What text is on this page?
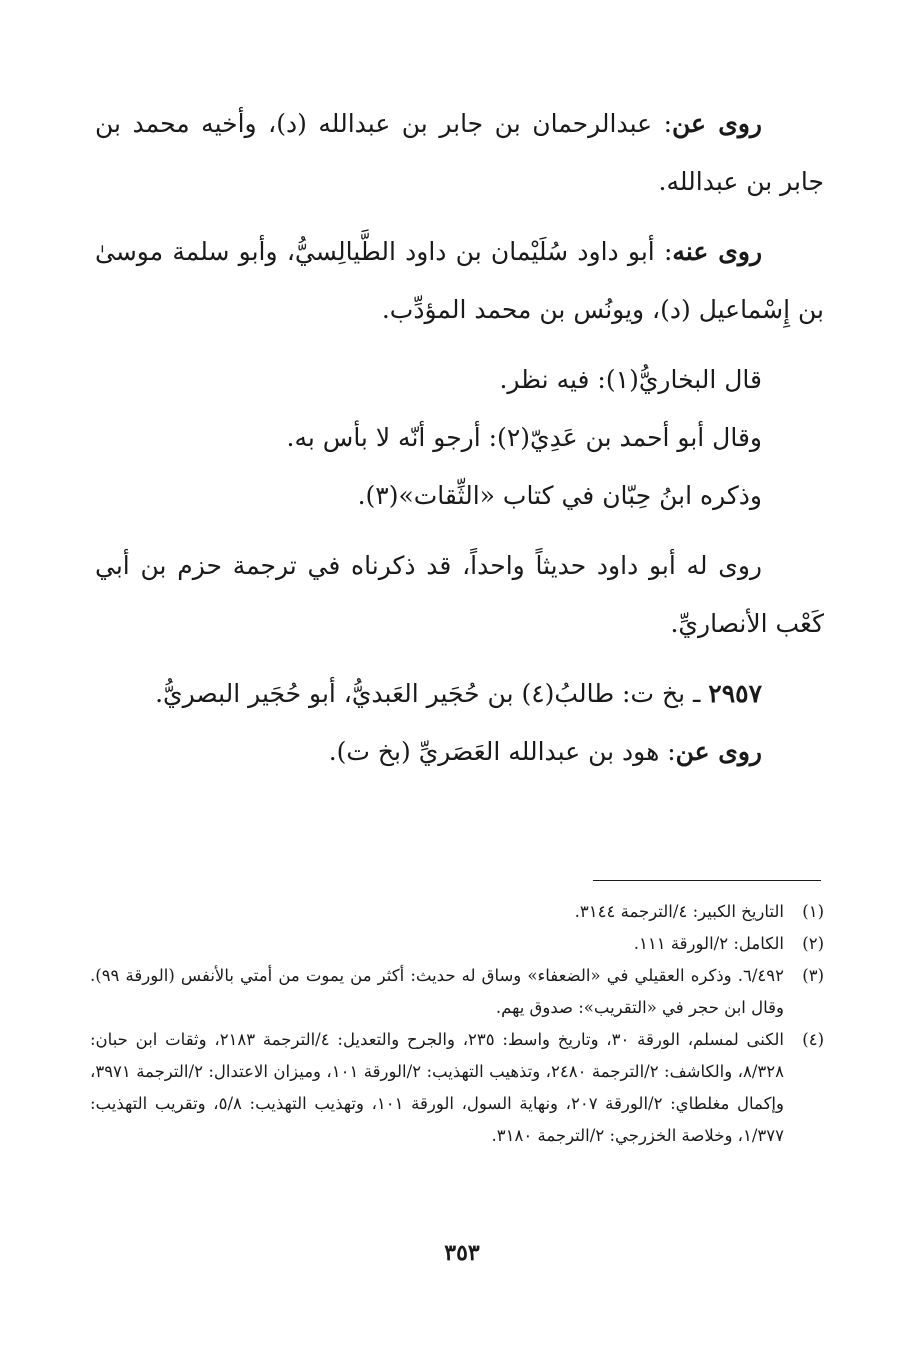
روى عن: عبدالرحمان بن جابر بن عبدالله (د)، وأخيه محمد بن جابر بن عبدالله.

روى عنه: أبو داود سُلَيْمان بن داود الطَّيالِسيُّ، وأبو سلمة موسىٰ بن إِسْماعيل (د)، ويونُس بن محمد المؤدِّب.

قال البخاريُّ(١): فيه نظر.

وقال أبو أحمد بن عَدِيّ(٢): أرجو أنّه لا بأس به.

وذكره ابنُ حِبّان في كتاب «الثِّقات»(٣).

روى له أبو داود حديثاً واحداً، قد ذكرناه في ترجمة حزم بن أبي كَعْب الأنصاريِّ.

٢٩٥٧ ـ بخ ت: طالبُ(٤) بن حُجَير العَبديُّ، أبو حُجَير البصريُّ.

روى عن: هود بن عبدالله العَصَريِّ (بخ ت).

(١)
التاريخ الكبير: ٤/الترجمة ٣١٤٤.
(٢)
الكامل: ٢/الورقة ١١١.
(٣)
٦/٤٩٢. وذكره العقيلي في «الضعفاء» وساق له حديث: أكثر من يموت من أمتي بالأنفس (الورقة ٩٩). وقال ابن حجر في «التقريب»: صدوق يهم.
(٤)
الكنى لمسلم، الورقة ٣٠، وتاريخ واسط: ٢٣٥، والجرح والتعديل: ٤/الترجمة ٢١٨٣، وثقات ابن حبان: ٨/٣٢٨، والكاشف: ٢/الترجمة ٢٤٨٠، وتذهيب التهذيب: ٢/الورقة ١٠١، وميزان الاعتدال: ٢/الترجمة ٣٩٧١، وإكمال مغلطاي: ٢/الورقة ٢٠٧، ونهاية السول، الورقة ١٠١، وتهذيب التهذيب: ٥/٨، وتقريب التهذيب: ١/٣٧٧، وخلاصة الخزرجي: ٢/الترجمة ٣١٨٠.
٣٥٣
